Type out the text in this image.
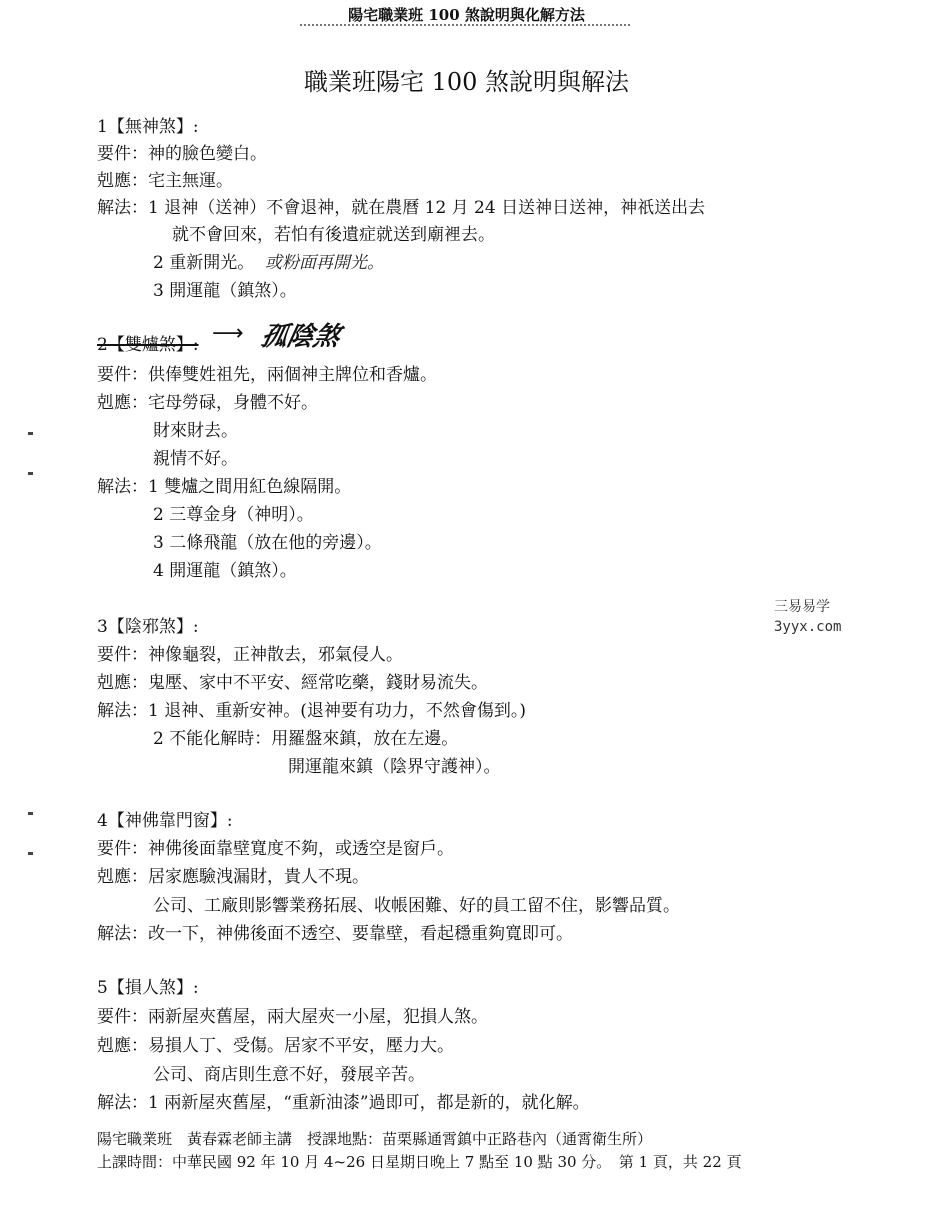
陽宅職業班 100 煞說明與化解方法
職業班陽宅 100 煞說明與解法
1【無神煞】:
要件：神的臉色變白。
剋應：宅主無運。
解法：1 退神（送神）不會退神，就在農曆 12 月 24 日送神日送神，神祇送出去
就不會回來，若怕有後遺症就送到廟裡去。
2 重新開光。 或粉面再開光。
3 開運龍（鎮煞）。
2【雙爐煞】: ⟶ 孤陰煞
要件：供俸雙姓祖先，兩個神主牌位和香爐。
剋應：宅母勞碌，身體不好。
財來財去。
親情不好。
解法：1 雙爐之間用紅色線隔開。
2 三尊金身（神明）。
3 二條飛龍（放在他的旁邊）。
4 開運龍（鎮煞）。
三易易学
3yyx.com
3【陰邪煞】:
要件：神像龜裂，正神散去，邪氣侵人。
剋應：鬼壓、家中不平安、經常吃藥，錢財易流失。
解法：1 退神、重新安神。(退神要有功力，不然會傷到。)
2 不能化解時：用羅盤來鎮，放在左邊。
開運龍來鎮（陰界守護神）。
4【神佛靠門窗】:
要件：神佛後面靠壁寬度不夠，或透空是窗戶。
剋應：居家應驗洩漏財，貴人不現。
公司、工廠則影響業務拓展、收帳困難、好的員工留不住，影響品質。
解法：改一下，神佛後面不透空、要靠壁，看起穩重夠寬即可。
5【損人煞】:
要件：兩新屋夾舊屋，兩大屋夾一小屋，犯損人煞。
剋應：易損人丁、受傷。居家不平安，壓力大。
公司、商店則生意不好，發展辛苦。
解法：1 兩新屋夾舊屋，“重新油漆”過即可，都是新的，就化解。
陽宅職業班　黃春霖老師主講　授課地點：苗栗縣通霄鎮中正路巷內（通霄衛生所）
上課時間：中華民國 92 年 10 月 4~26 日星期日晚上 7 點至 10 點 30 分。　第 1 頁，共 22 頁
